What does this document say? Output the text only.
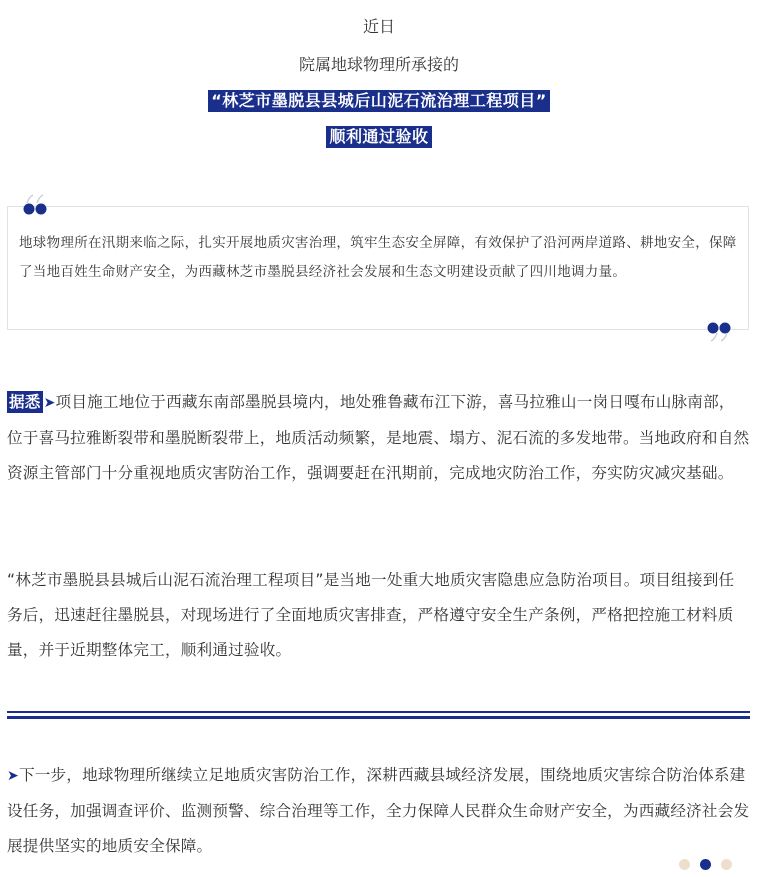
近日
院属地球物理所承接的
“林芝市墨脱县县城后山泥石流治理工程项目”
顺利通过验收
地球物理所在汛期来临之际，扎实开展地质灾害治理，筑牢生态安全屏障，有效保护了沿河两岸道路、耕地安全，保障了当地百姓生命财产安全，为西藏林芝市墨脱县经济社会发展和生态文明建设贡献了四川地调力量。
据悉 ➤项目施工地位于西藏东南部墨脱县境内，地处雅鲁藏布江下游，喜马拉雅山一岗日嘎布山脉南部，位于喜马拉雅断裂带和墨脱断裂带上，地质活动频繁，是地震、塌方、泥石流的多发地带。当地政府和自然资源主管部门十分重视地质灾害防治工作，强调要赶在汛期前，完成地灾防治工作，夯实防灾减灾基础。
“林芝市墨脱县县城后山泥石流治理工程项目”是当地一处重大地质灾害隐患应急防治项目。项目组接到任务后，迅速赶往墨脱县，对现场进行了全面地质灾害排查，严格遵守安全生产条例，严格把控施工材料质量，并于近期整体完工，顺利通过验收。
➤下一步，地球物理所继续立足地质灾害防治工作，深耕西藏县域经济发展，围绕地质灾害综合防治体系建设任务，加强调查评价、监测预警、综合治理等工作，全力保障人民群众生命财产安全，为西藏经济社会发展提供坚实的地质安全保障。
